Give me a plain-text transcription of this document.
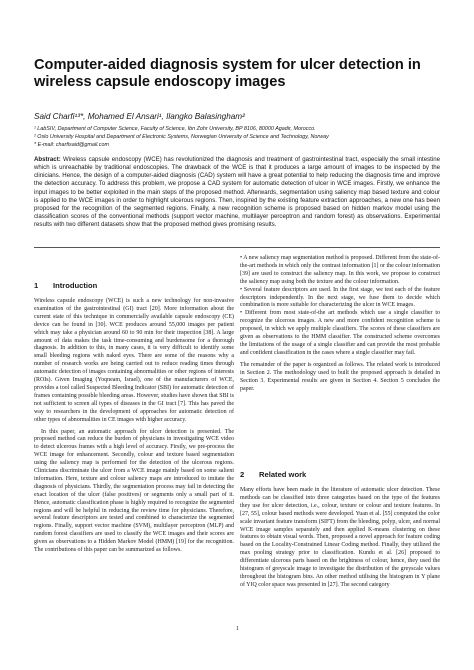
Computer-aided diagnosis system for ulcer detection in wireless capsule endoscopy images
Said Charfi¹³*, Mohamed El Ansari¹, Ilangko Balasingham²
¹ LabSIV, Department of Computer Science, Faculty of Science, Ibn Zohr University, BP 8106, 80000 Agadir, Morocco.
² Oslo University Hospital and Department of Electronic Systems, Norwegian University of Science and Technology, Norway
* E-mail: charfisaid@gmail.com
Abstract: Wireless capsule endoscopy (WCE) has revolutionized the diagnosis and treatment of gastrointestinal tract, especially the small intestine which is unreachable by traditional endoscopies. The drawback of the WCE is that it produces a large amount of images to be inspected by the clinicians. Hence, the design of a computer-aided diagnosis (CAD) system will have a great potential to help reducing the diagnosis time and improve the detection accuracy. To address this problem, we propose a CAD system for automatic detection of ulcer in WCE images. Firstly, we enhance the input images to be better exploited in the main steps of the proposed method. Afterwards, segmentation using saliency map based texture and colour is applied to the WCE images in order to highlight ulcerous regions. Then, inspired by the existing feature extraction approaches, a new one has been proposed for the recognition of the segmented regions. Finally, a new recognition scheme is proposed based on hidden markov model using the classification scores of the conventional methods (support vector machine, multilayer perceptron and random forest) as observations. Experimental results with two different datasets show that the proposed method gives promising results.
1 Introduction

Wireless capsule endoscopy (WCE) is such a new technology for non-invasive examination of the gastrointestinal (GI) tract [20]. More information about the current state of this technique in commercially available capsule endoscopy (CE) device can be found in [30]. WCE produces around 55,000 images per patient which may take a physician around 60 to 90 min for their inspection [38]. A large amount of data makes the task time-consuming and burdensome for a thorough diagnosis. In addition to this, in many cases, it is very difficult to identify some small bleeding regions with naked eyes. There are some of the reasons why a number of research works are being carried out to reduce reading times through automatic detection of images containing abnormalities or other regions of interests (ROIs). Given Imaging (Yoqneam, Israel), one of the manufacturers of WCE, provides a tool called Suspected Bleeding Indicator (SBI) for automatic detection of frames containing possible bleeding areas. However, studies have shown that SBI is not sufficient to screen all types of diseases in the GI tract [7]. This has paved the way to researchers in the development of approaches for automatic detection of other types of abnormalities in CE images with higher accuracy.

In this paper, an automatic approach for ulcer detection is presented. The proposed method can reduce the burden of physicians in investigating WCE video to detect ulcerous frames with a high level of accuracy. Firstly, we pre-process the WCE image for enhancement. Secondly, colour and texture based segmentation using the saliency map is performed for the detection of the ulcerous regions. Clinicians discriminate the ulcer from a WCE image mainly based on some salient information. Here, texture and colour saliency maps are introduced to imitate the diagnosis of physicians. Thirdly, the segmentation process may fail in detecting the exact location of the ulcer (false positives) or segments only a small part of it. Hence, automatic classification phase is highly required to recognize the segmented regions and will be helpful in reducing the review time for physicians. Therefore, several feature descriptors are tested and combined to characterize the segmented regions. Finally, support vector machine (SVM), multilayer perceptron (MLP) and random forest classifiers are used to classify the WCE images and their scores are given as observations to a Hidden Markov Model (HMM) [19] for the recognition. The contributions of this paper can be summarized as follows.

• A new saliency map segmentation method is proposed. Different from the state-of-the-art methods in which only the contrast information [1] or the colour information [39] are used to construct the saliency map. In this work, we propose to construct the saliency map using both the texture and the colour information.

• Several feature descriptors are used. In the first stage, we test each of the feature descriptors independently. In the next stage, we fuse them to decide which combination is more suitable for characterizing the ulcer in WCE images.

• Different from most state-of-the art methods which use a single classifier to recognize the ulcerous images. A new and more confident recognition scheme is proposed, in which we apply multiple classifiers. The scores of these classifiers are given as observations to the HMM classifier. The constructed scheme overcomes the limitations of the usage of a single classifier and can provide the most probable and confident classification in the cases where a single classifier may fail.

The remainder of the paper is organized as follows. The related work is introduced in Section 2. The methodology used to built the proposed approach is detailed in Section 3. Experimental results are given in Section 4. Section 5 concludes the paper.

2 Related work

Many efforts have been made in the literature of automatic ulcer detection. These methods can be classified into three categories based on the type of the features they use for ulcer detection, i.e., colour, texture or colour and texture features. In [27, 55], colour based methods were developed. Yuan et al. [55] computed the color scale invariant feature transform (SIFT) from the bleeding, polyp, ulcer, and normal WCE image samples separately and then applied K-means clustering on these features to obtain visual words. Then, proposed a novel approach for feature coding based on the Locality-Constrained Linear Coding method. Finally, they utilized the max pooling strategy prior to classification. Kundu et al. [26] proposed to differentiate ulcerous parts based on the brightness of colour, hence, they used the histogram of greyscale image to investigate the distribution of the greyscale values throughout the histogram bins. An other method utilising the histogram in Y plane of YIQ color space was presented in [27]. The second category

1
